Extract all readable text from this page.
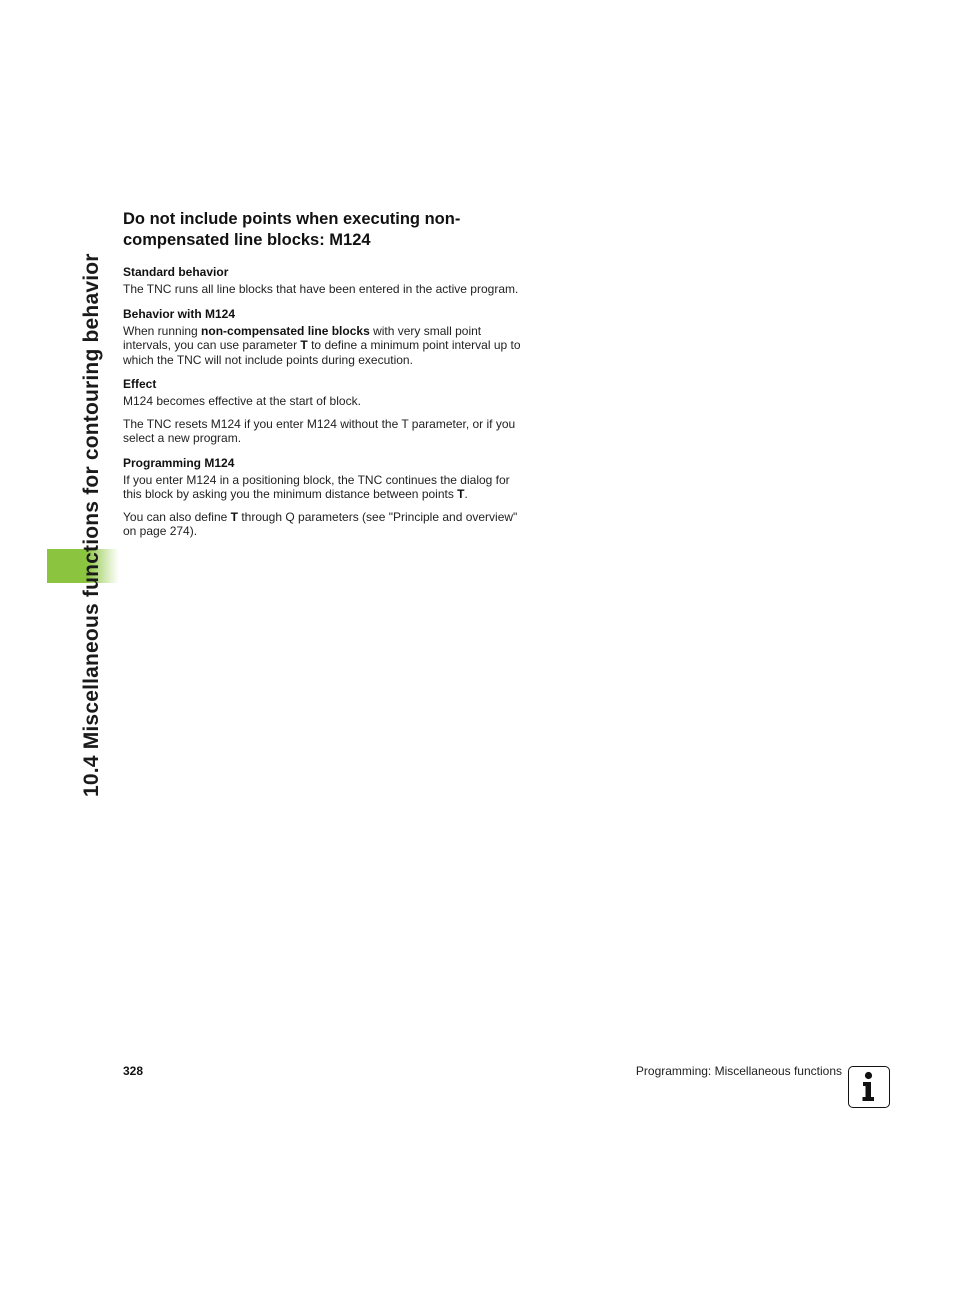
10.4 Miscellaneous functions for contouring behavior
Do not include points when executing non-compensated line blocks: M124
Standard behavior

The TNC runs all line blocks that have been entered in the active program.

Behavior with M124

When running non-compensated line blocks with very small point intervals, you can use parameter T to define a minimum point interval up to which the TNC will not include points during execution.

Effect

M124 becomes effective at the start of block.

The TNC resets M124 if you enter M124 without the T parameter, or if you select a new program.

Programming M124

If you enter M124 in a positioning block, the TNC continues the dialog for this block by asking you the minimum distance between points T.

You can also define T through Q parameters (see "Principle and overview" on page 274).

328	Programming: Miscellaneous functions
